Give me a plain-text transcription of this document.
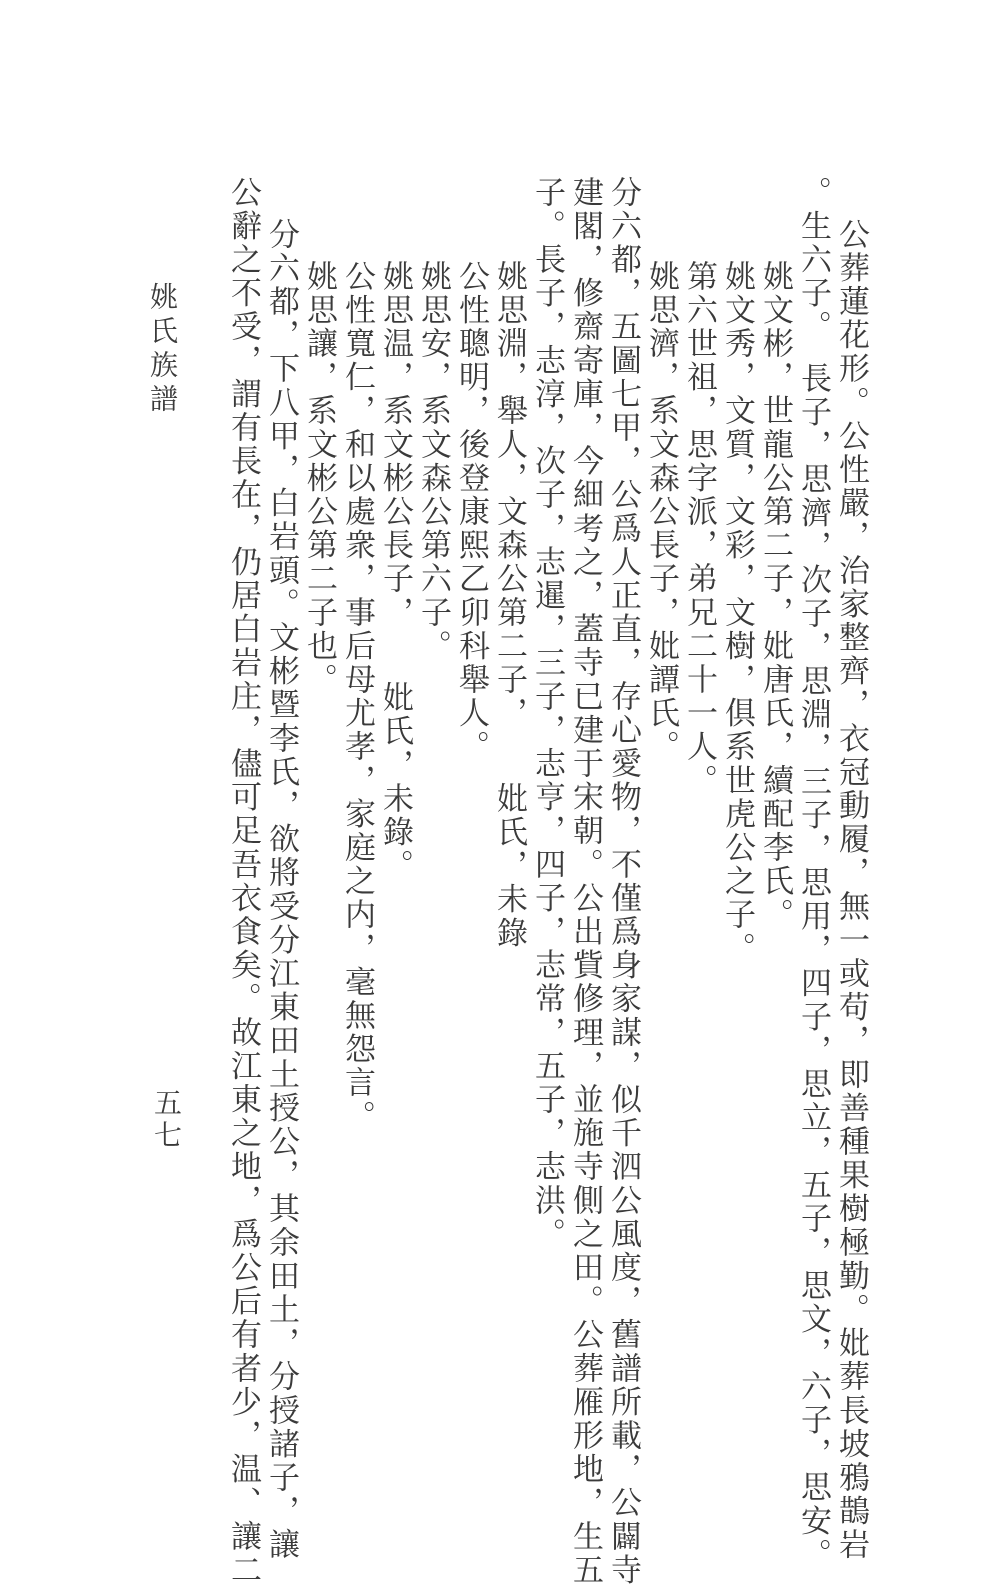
姚氏族譜
五七	公葬蓮花形。公性嚴，治家整齊，衣冠動履，無一或苟，即善種果樹極勤。妣葬長坡鴉鵲岩

。生六子。　長子，思濟，次子，思淵，三子，思用，四子，思立，五子，思文，六子，思安。

姚文彬，世龍公第二子，妣唐氏，續配李氏。

姚文秀，文質，文彩，文樹，俱系世虎公之子。

第六世祖，思字派，弟兄二十一人。

姚思濟，系文森公長子，妣譚氏。

分六都，五圖七甲，公爲人正直，存心愛物，不僅爲身家謀，似千泗公風度，舊譜所載，公闢寺

建閣，修齋寄庫，今細考之，蓋寺已建于宋朝。公出貲修理，並施寺側之田。公葬雁形地，生五

子。長子，志淳，次子，志暹，三子，志亨，四子，志常，五子，志洪。

姚思淵，舉人，文森公第二子，　　妣氏，未錄

公性聰明，後登康熙乙卯科舉人。

姚思安，系文森公第六子。

姚思温，系文彬公長子，　　妣氏，未錄。

公性寬仁，和以處衆，事后母尤孝，家庭之内，毫無怨言。

姚思讓，系文彬公第二子也。

分六都，下八甲，白岩頭。文彬暨李氏，欲將受分江東田土授公，其余田土，分授諸子，讓

公辭之不受，謂有長在，仍居白岩庄，儘可足吾衣食矣。故江東之地，爲公后有者少，温、讓二
